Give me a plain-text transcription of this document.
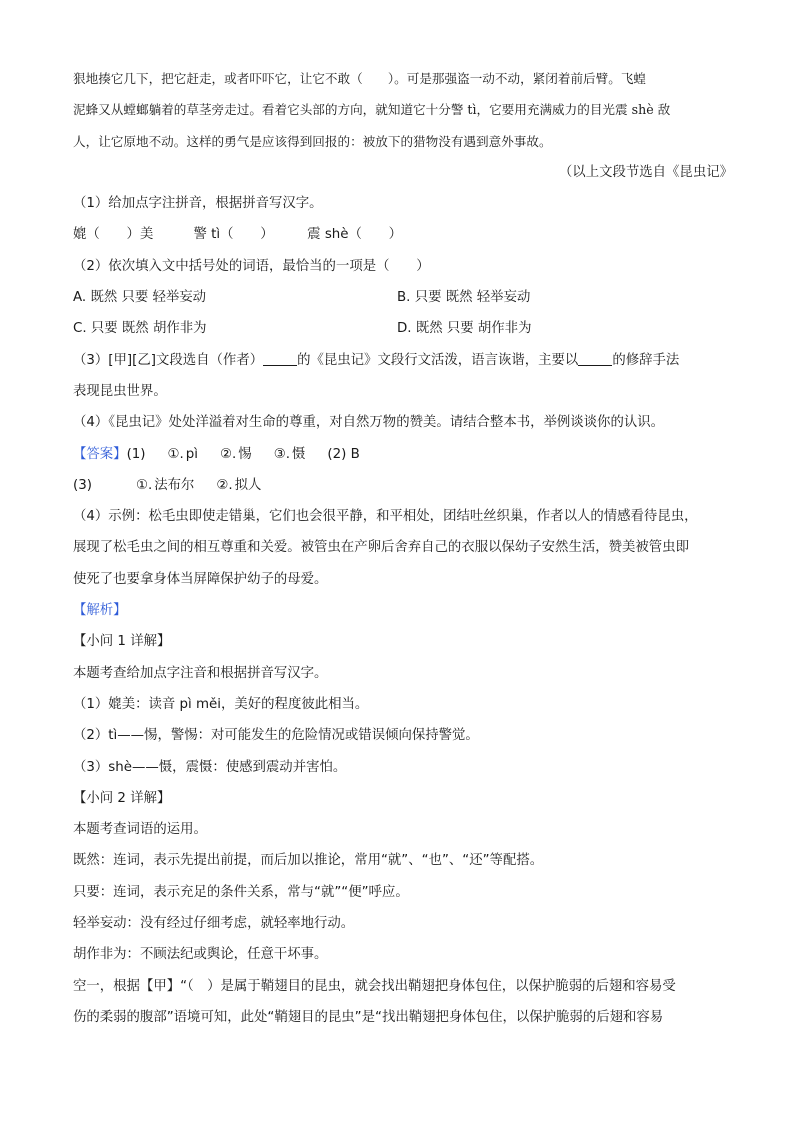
狠地揍它几下，把它赶走，或者吓吓它，让它不敢（　　）。可是那强盗一动不动，紧闭着前后臂。飞蝗
泥蜂又从螳螂躺着的草茎旁走过。看着它头部的方向，就知道它十分警 tì，它要用充满威力的目光震 shè 敌
人，让它原地不动。这样的勇气是应该得到回报的：被放下的猎物没有遇到意外事故。
（以上文段节选自《昆虫记》
（1）给加点字注拼音，根据拼音写汉字。
媲（　　）美　　　警 tì（　　）　　　震 shè（　　）
（2）依次填入文中括号处的词语，最恰当的一项是（　　）
A. 既然 只要 轻举妄动	B. 只要 既然 轻举妄动
C. 只要 既然 胡作非为	D. 既然 只要 胡作非为
（3）[甲][乙]文段选自（作者）	的《昆虫记》文段行文活泼，语言诙谐，主要以	的修辞手法
表现昆虫世界。
（4）《昆虫记》处处洋溢着对生命的尊重，对自然万物的赞美。请结合整本书，举例谈谈你的认识。
【答案】(1) ①. pì ②. 惕 ③. 慑 (2) B
(3)	①. 法布尔 ②. 拟人
（4）示例：松毛虫即使走错巢，它们也会很平静，和平相处，团结吐丝织巢，作者以人的情感看待昆虫，
展现了松毛虫之间的相互尊重和关爱。被管虫在产卵后舍弃自己的衣服以保幼子安然生活，赞美被管虫即
使死了也要拿身体当屏障保护幼子的母爱。
【解析】
【小问 1 详解】
本题考查给加点字注音和根据拼音写汉字。
（1）媲美：读音 pì měi，美好的程度彼此相当。
（2）tì——惕，警惕：对可能发生的危险情况或错误倾向保持警觉。
（3）shè——慑，震慑：使感到震动并害怕。
【小问 2 详解】
本题考查词语的运用。
既然：连词，表示先提出前提，而后加以推论，常用“就”、“也”、“还”等配搭。
只要：连词，表示充足的条件关系，常与“就”“便”呼应。
轻举妄动：没有经过仔细考虑，就轻率地行动。
胡作非为：不顾法纪或舆论，任意干坏事。
空一，根据【甲】“（　）是属于鞘翅目的昆虫，就会找出鞘翅把身体包住，以保护脆弱的后翅和容易受
伤的柔弱的腹部”语境可知，此处“鞘翅目的昆虫”是“找出鞘翅把身体包住，以保护脆弱的后翅和容易
